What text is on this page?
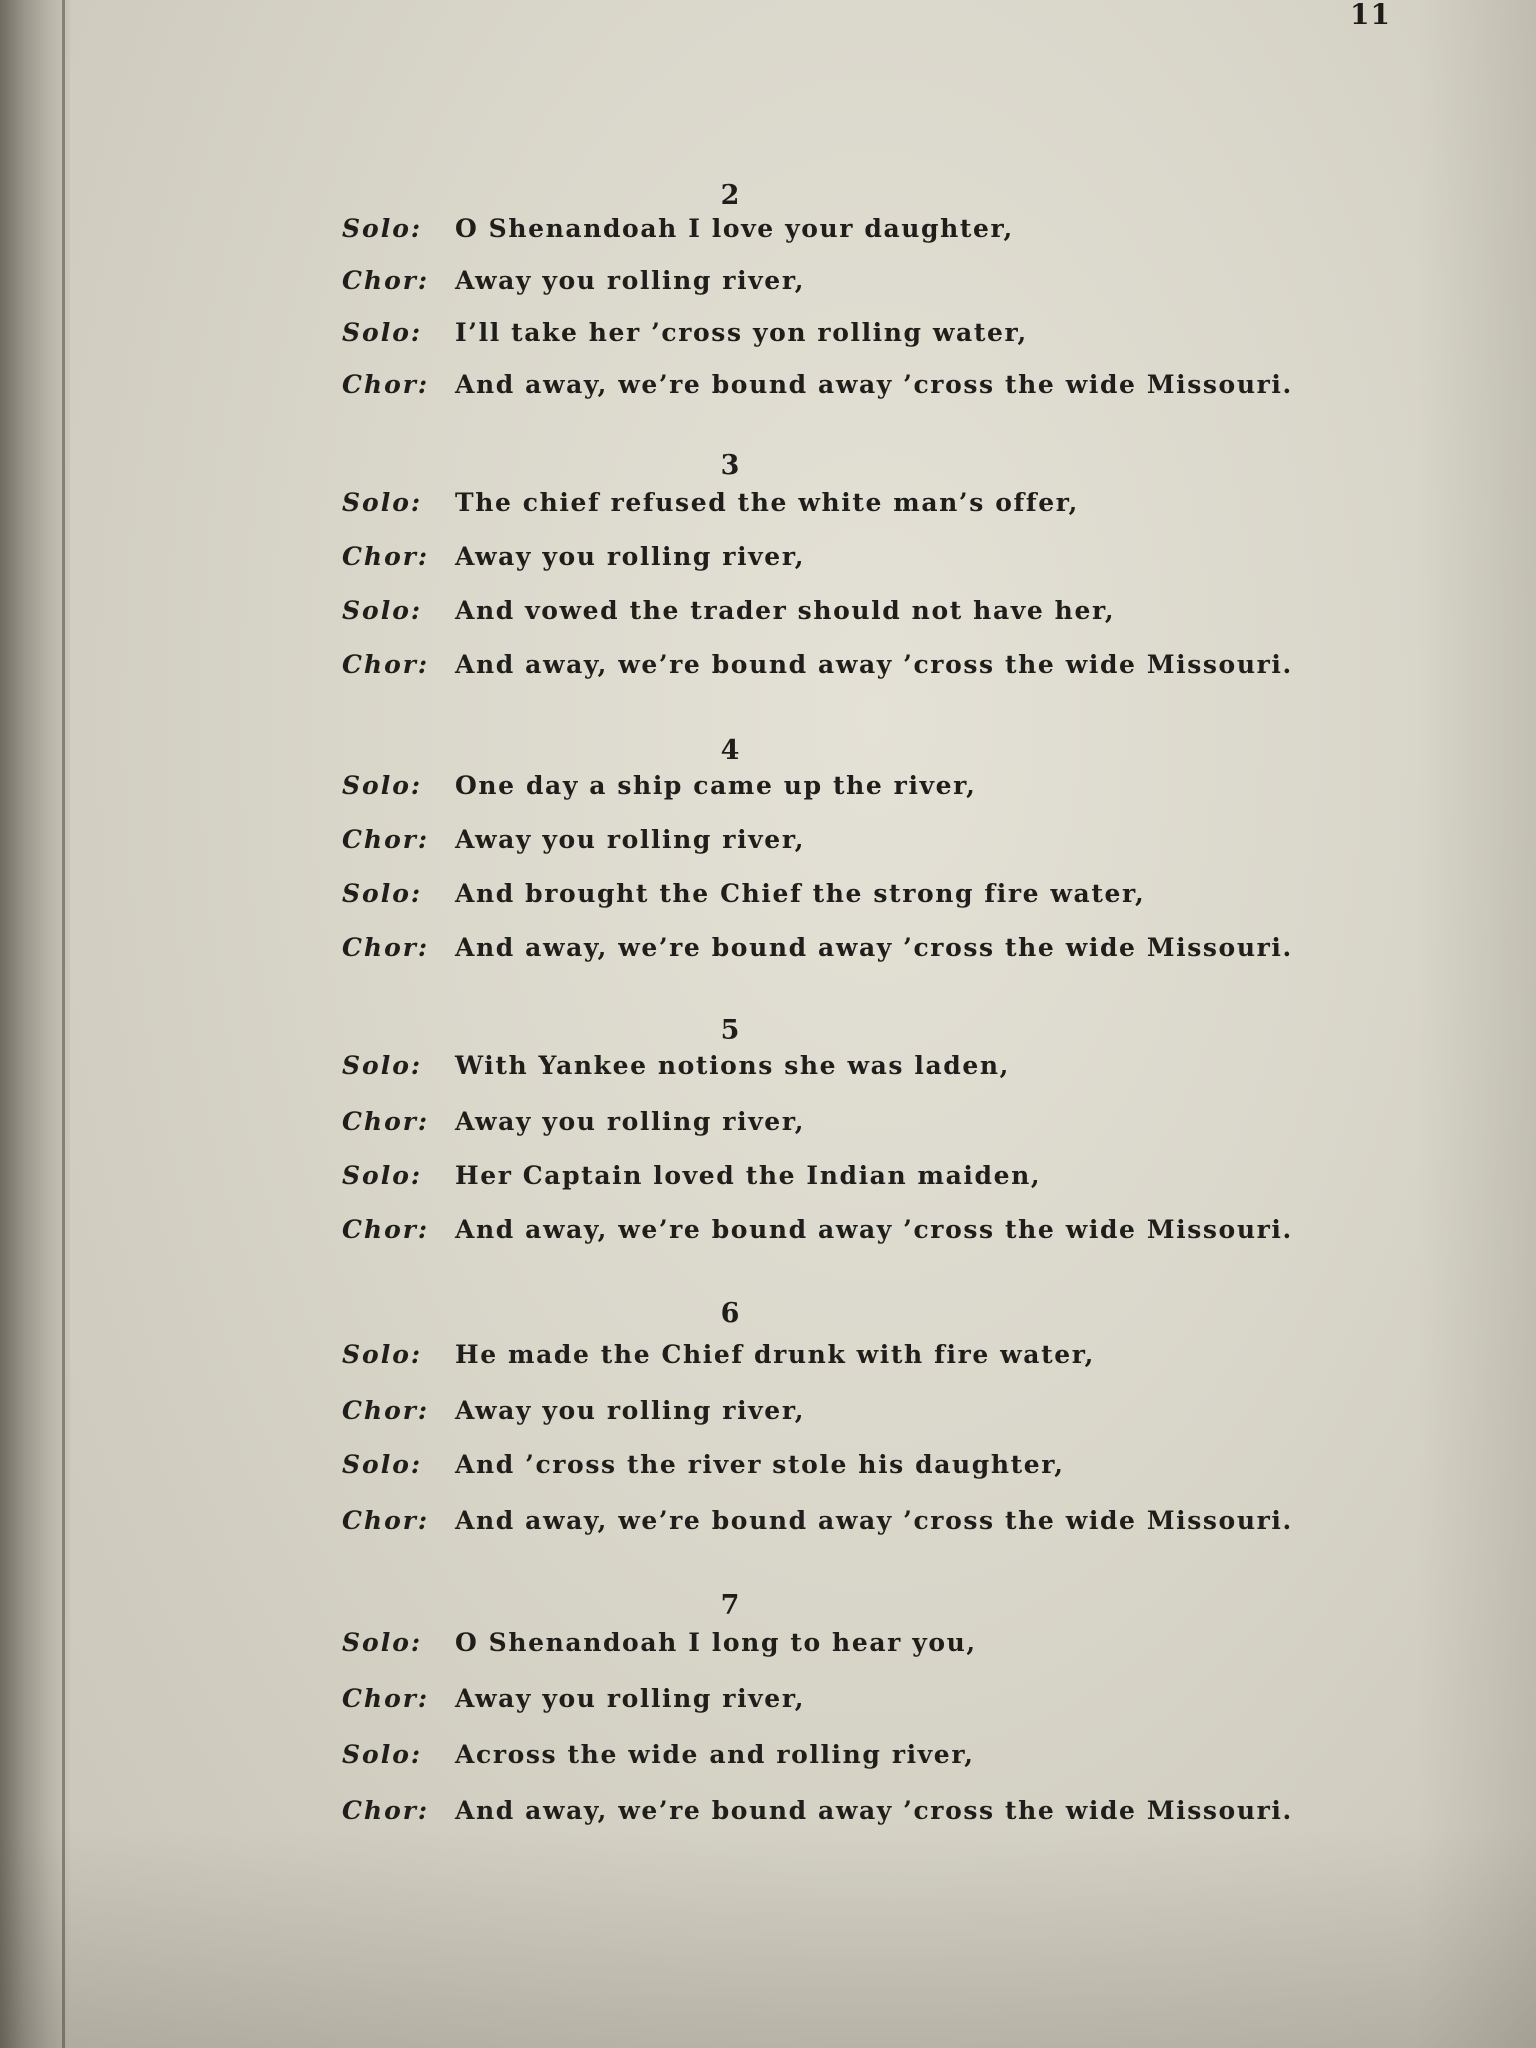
11
2
Solo:	O Shenandoah I love your daughter,
Chor:	Away you rolling river,
Solo:	I’ll take her ’cross yon rolling water,
Chor:	And away, we’re bound away ’cross the wide Missouri.
3
Solo:	The chief refused the white man’s offer,
Chor:	Away you rolling river,
Solo:	And vowed the trader should not have her,
Chor:	And away, we’re bound away ’cross the wide Missouri.
4
Solo:	One day a ship came up the river,
Chor:	Away you rolling river,
Solo:	And brought the Chief the strong fire water,
Chor:	And away, we’re bound away ’cross the wide Missouri.
5
Solo:	With Yankee notions she was laden,
Chor:	Away you rolling river,
Solo:	Her Captain loved the Indian maiden,
Chor:	And away, we’re bound away ’cross the wide Missouri.
6
Solo:	He made the Chief drunk with fire water,
Chor:	Away you rolling river,
Solo:	And ’cross the river stole his daughter,
Chor:	And away, we’re bound away ’cross the wide Missouri.
7
Solo:	O Shenandoah I long to hear you,
Chor:	Away you rolling river,
Solo:	Across the wide and rolling river,
Chor:	And away, we’re bound away ’cross the wide Missouri.
